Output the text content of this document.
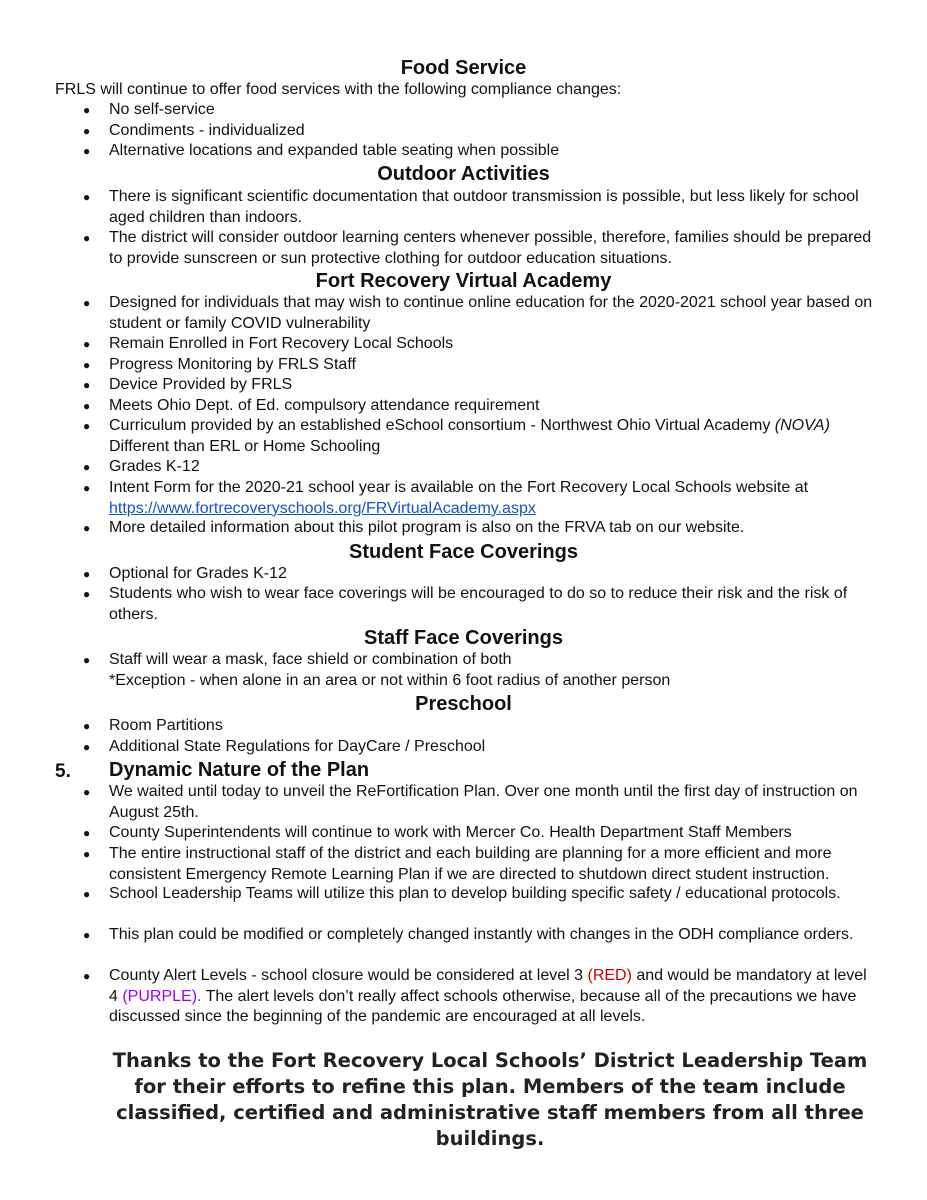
Food Service
FRLS will continue to offer food services with the following compliance changes:
● No self-service
● Condiments - individualized
● Alternative locations and expanded table seating when possible
Outdoor Activities
● There is significant scientific documentation that outdoor transmission is possible, but less likely for school aged children than indoors.
● The district will consider outdoor learning centers whenever possible, therefore, families should be prepared to provide sunscreen or sun protective clothing for outdoor education situations.
Fort Recovery Virtual Academy
● Designed for individuals that may wish to continue online education for the 2020-2021 school year based on student or family COVID vulnerability
● Remain Enrolled in Fort Recovery Local Schools
● Progress Monitoring by FRLS Staff
● Device Provided by FRLS
● Meets Ohio Dept. of Ed. compulsory attendance requirement
● Curriculum provided by an established eSchool consortium - Northwest Ohio Virtual Academy (NOVA)
Different than ERL or Home Schooling
● Grades K-12
● Intent Form for the 2020-21 school year is available on the Fort Recovery Local Schools website at
https://www.fortrecoveryschools.org/FRVirtualAcademy.aspx
● More detailed information about this pilot program is also on the FRVA tab on our website.
Student Face Coverings
● Optional for Grades K-12
● Students who wish to wear face coverings will be encouraged to do so to reduce their risk and the risk of others.
Staff Face Coverings
● Staff will wear a mask, face shield or combination of both
*Exception - when alone in an area or not within 6 foot radius of another person
Preschool
● Room Partitions
● Additional State Regulations for DayCare / Preschool
5. Dynamic Nature of the Plan
● We waited until today to unveil the ReFortification Plan. Over one month until the first day of instruction on August 25th.
● County Superintendents will continue to work with Mercer Co. Health Department Staff Members
● The entire instructional staff of the district and each building are planning for a more efficient and more consistent Emergency Remote Learning Plan if we are directed to shutdown direct student instruction.
● School Leadership Teams will utilize this plan to develop building specific safety / educational protocols.
● This plan could be modified or completely changed instantly with changes in the ODH compliance orders.
● County Alert Levels - school closure would be considered at level 3 (RED) and would be mandatory at level 4 (PURPLE). The alert levels don’t really affect schools otherwise, because all of the precautions we have discussed since the beginning of the pandemic are encouraged at all levels.
Thanks to the Fort Recovery Local Schools’ District Leadership Team for their efforts to refine this plan. Members of the team include classified, certified and administrative staff members from all three buildings.
